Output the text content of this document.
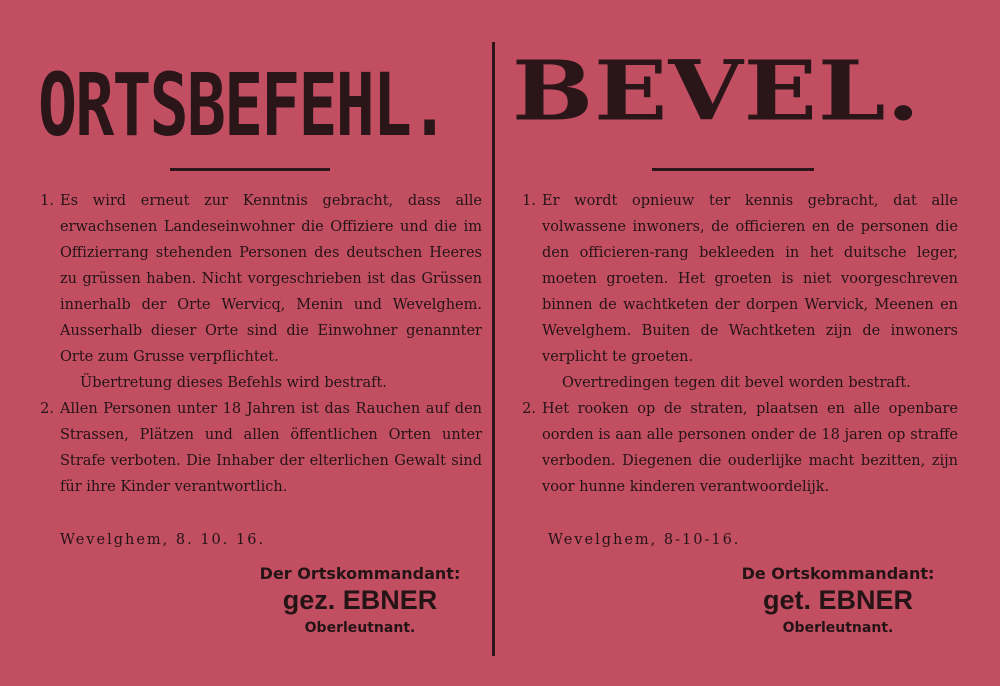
ORTSBEFEHL.
1. Es wird erneut zur Kenntnis gebracht, dass alle erwachsenen Landeseinwohner die Offiziere und die im Offizierrang stehenden Personen des deutschen Heeres zu grüssen haben. Nicht vorgeschrieben ist das Grüssen innerhalb der Orte Wervicq, Menin und Wevelghem. Ausserhalb dieser Orte sind die Einwohner genannter Orte zum Grusse verpflichtet.
Übertretung dieses Befehls wird bestraft.
2. Allen Personen unter 18 Jahren ist das Rauchen auf den Strassen, Plätzen und allen öffentlichen Orten unter Strafe verboten. Die Inhaber der elterlichen Gewalt sind für ihre Kinder verantwortlich.
Wevelghem, 8. 10. 16.
Der Ortskommandant:
gez. EBNER
Oberleutnant.
BEVEL.
1. Er wordt opnieuw ter kennis gebracht, dat alle volwassene inwoners, de officieren en de personen die den officieren-rang bekleeden in het duitsche leger, moeten groeten. Het groeten is niet voorgeschreven binnen de wachtketen der dorpen Wervick, Meenen en Wevelghem. Buiten de Wachtketen zijn de inwoners verplicht te groeten.
Overtredingen tegen dit bevel worden bestraft.
2. Het rooken op de straten, plaatsen en alle openbare oorden is aan alle personen onder de 18 jaren op straffe verboden. Diegenen die ouderlijke macht bezitten, zijn voor hunne kinderen verantwoordelijk.
Wevelghem, 8-10-16.
De Ortskommandant:
get. EBNER
Oberleutnant.
